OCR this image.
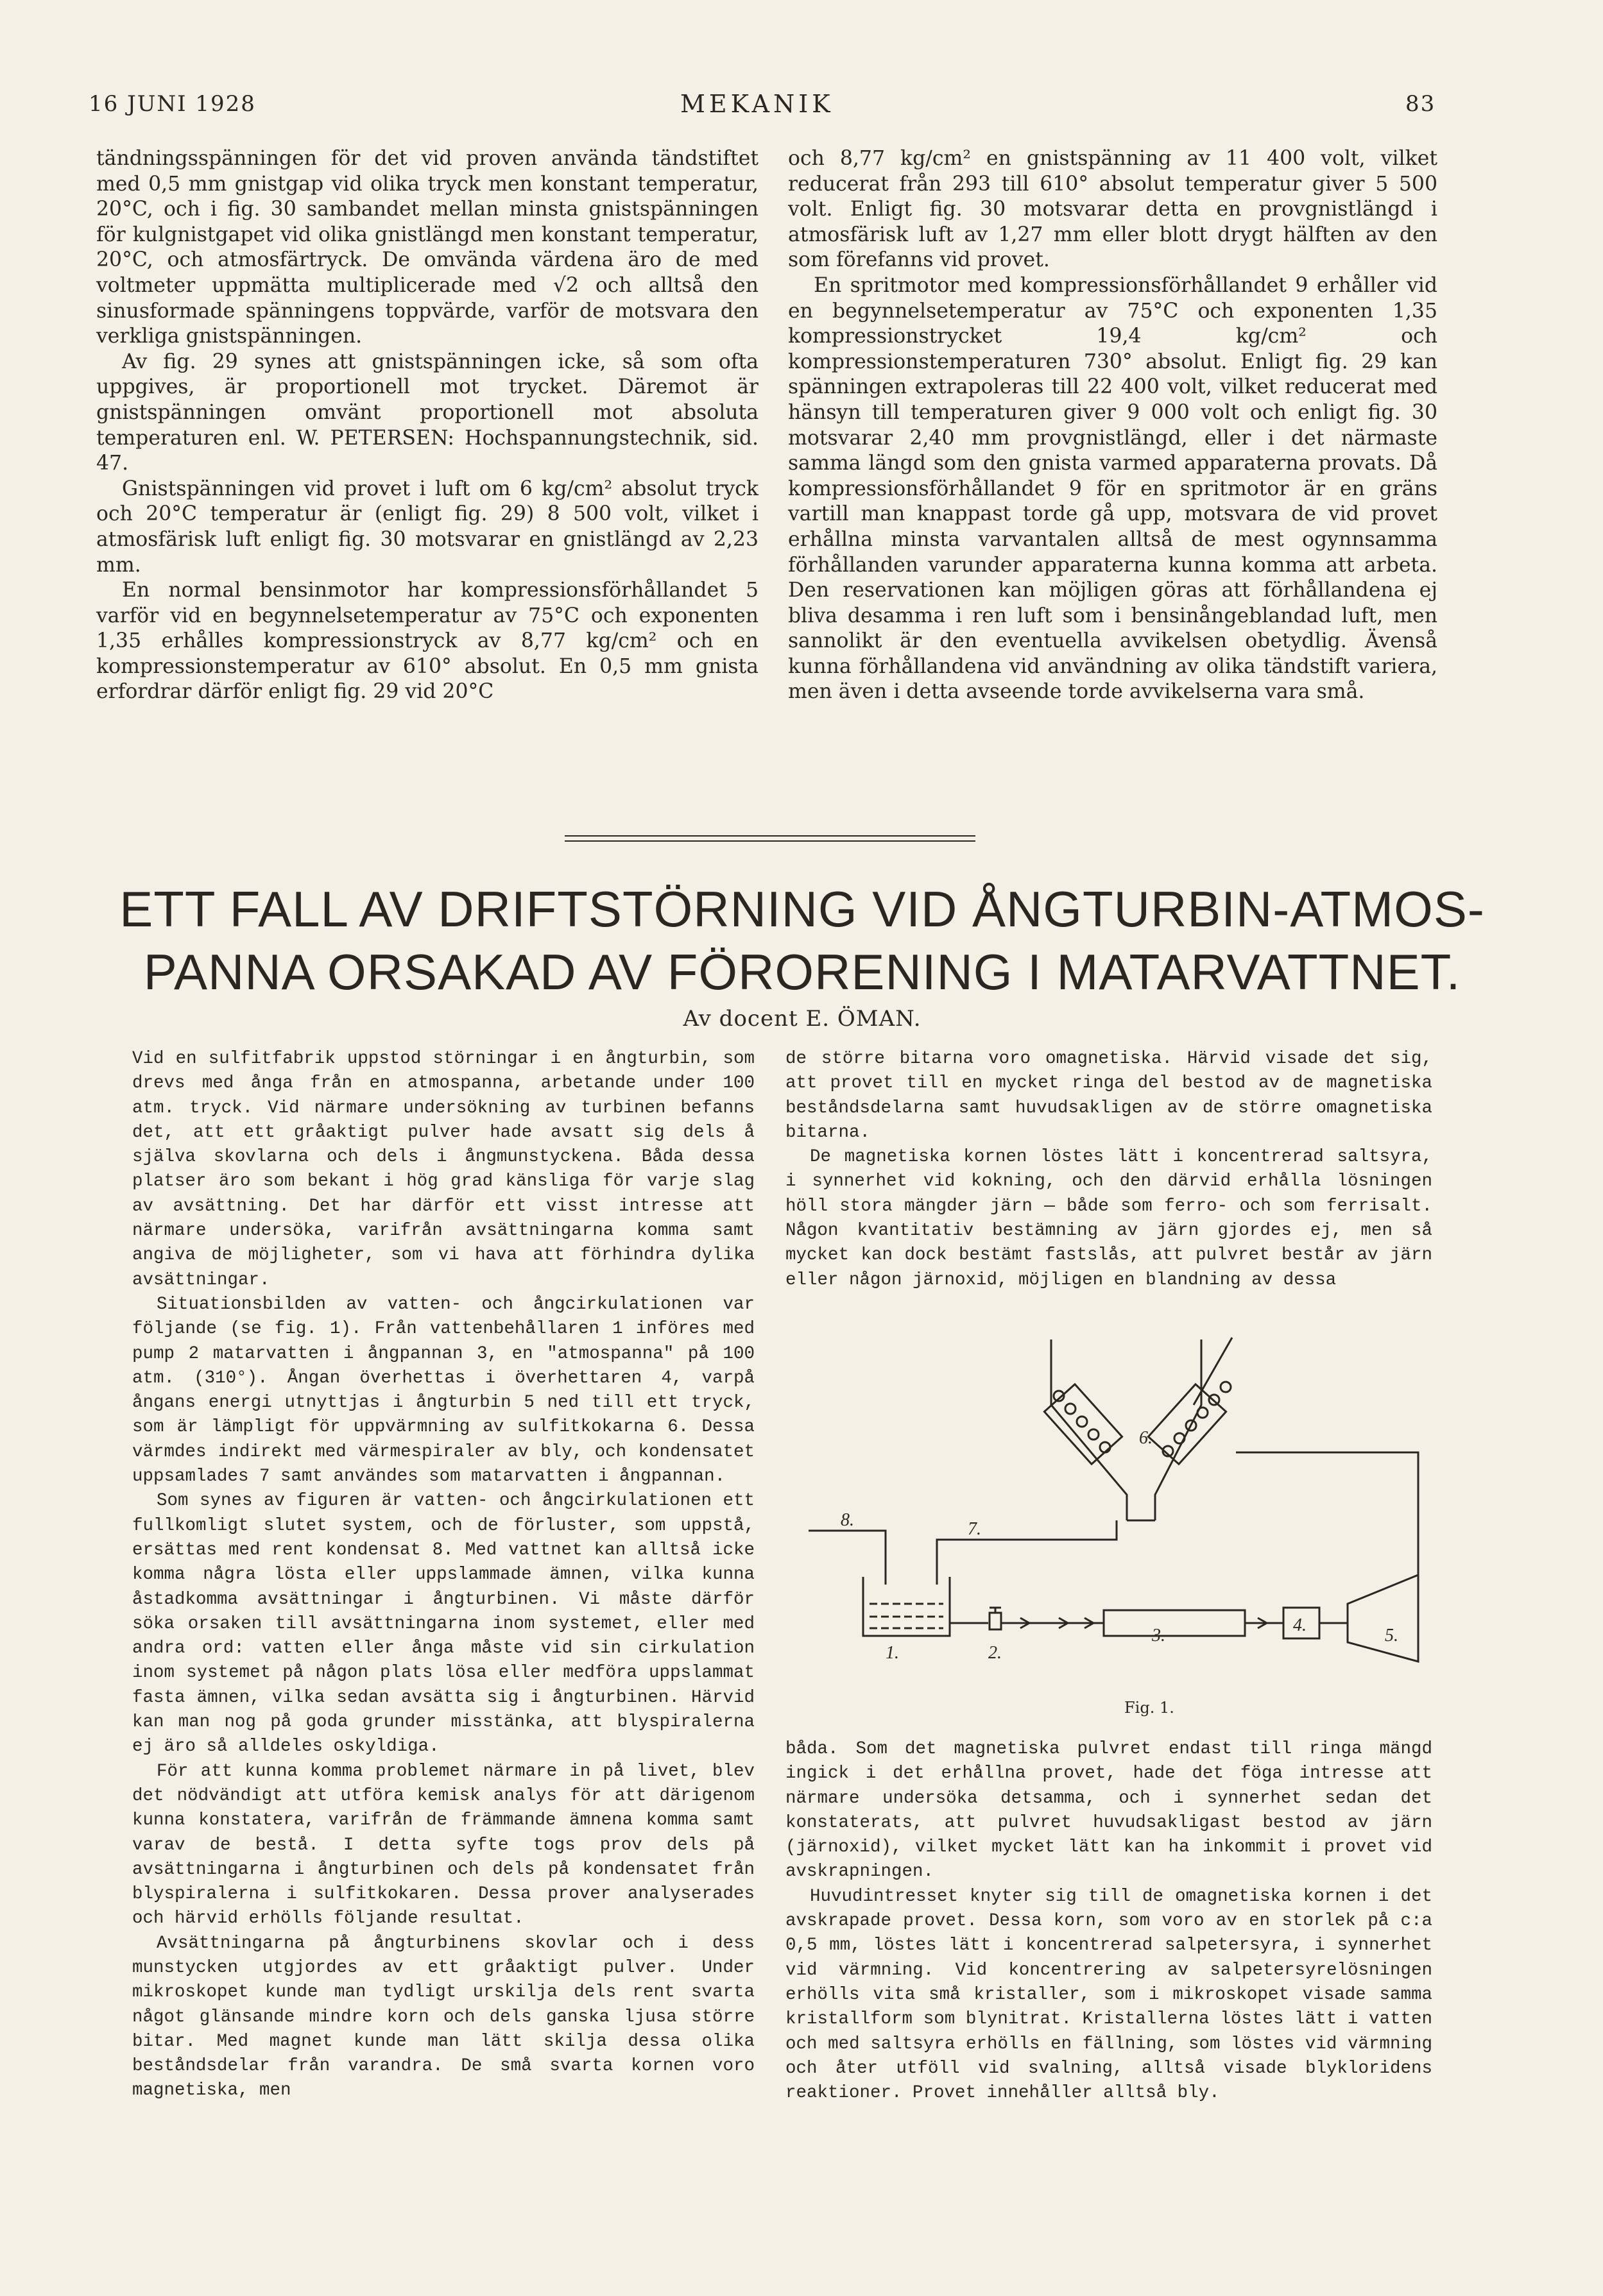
16 JUNI 1928	MEKANIK	83

tändningsspänningen för det vid proven använda tändstiftet med 0,5 mm gnistgap vid olika tryck men konstant temperatur, 20°C, och i fig. 30 sambandet mellan minsta gnistspänningen för kulgnistgapet vid olika gnistlängd men konstant temperatur, 20°C, och atmosfärtryck. De omvända värdena äro de med voltmeter uppmätta multiplicerade med √2 och alltså den sinusformade spänningens toppvärde, varför de motsvara den verkliga gnistspänningen.

Av fig. 29 synes att gnistspänningen icke, så som ofta uppgives, är proportionell mot trycket. Däremot är gnistspänningen omvänt proportionell mot absoluta temperaturen enl. W. PETERSEN: Hochspannungstechnik, sid. 47.

Gnistspänningen vid provet i luft om 6 kg/cm² absolut tryck och 20°C temperatur är (enligt fig. 29) 8 500 volt, vilket i atmosfärisk luft enligt fig. 30 motsvarar en gnistlängd av 2,23 mm.

En normal bensinmotor har kompressionsförhållandet 5 varför vid en begynnelsetemperatur av 75°C och exponenten 1,35 erhålles kompressionstryck av 8,77 kg/cm² och en kompressionstemperatur av 610° absolut. En 0,5 mm gnista erfordrar därför enligt fig. 29 vid 20°C

och 8,77 kg/cm² en gnistspänning av 11 400 volt, vilket reducerat från 293 till 610° absolut temperatur giver 5 500 volt. Enligt fig. 30 motsvarar detta en provgnistlängd i atmosfärisk luft av 1,27 mm eller blott drygt hälften av den som förefanns vid provet.

En spritmotor med kompressionsförhållandet 9 erhåller vid en begynnelsetemperatur av 75°C och exponenten 1,35 kompressionstrycket 19,4 kg/cm² och kompressionstemperaturen 730° absolut. Enligt fig. 29 kan spänningen extrapoleras till 22 400 volt, vilket reducerat med hänsyn till temperaturen giver 9 000 volt och enligt fig. 30 motsvarar 2,40 mm provgnistlängd, eller i det närmaste samma längd som den gnista varmed apparaterna provats. Då kompressionsförhållandet 9 för en spritmotor är en gräns vartill man knappast torde gå upp, motsvara de vid provet erhållna minsta varvantalen alltså de mest ogynnsamma förhållanden varunder apparaterna kunna komma att arbeta. Den reservationen kan möjligen göras att förhållandena ej bliva desamma i ren luft som i bensinångeblandad luft, men sannolikt är den eventuella avvikelsen obetydlig. Ävenså kunna förhållandena vid användning av olika tändstift variera, men även i detta avseende torde avvikelserna vara små.

ETT FALL AV DRIFTSTÖRNING VID ÅNGTURBIN-ATMOS-
PANNA ORSAKAD AV FÖRORENING I MATARVATTNET.
Av docent E. ÖMAN.

Vid en sulfitfabrik uppstod störningar i en ångturbin, som drevs med ånga från en atmospanna, arbetande under 100 atm. tryck. Vid närmare undersökning av turbinen befanns det, att ett gråaktigt pulver hade avsatt sig dels å själva skovlarna och dels i ångmunstyckena. Båda dessa platser äro som bekant i hög grad känsliga för varje slag av avsättning. Det har därför ett visst intresse att närmare undersöka, varifrån avsättningarna komma samt angiva de möjligheter, som vi hava att förhindra dylika avsättningar.

Situationsbilden av vatten- och ångcirkulationen var följande (se fig. 1). Från vattenbehållaren 1 införes med pump 2 matarvatten i ångpannan 3, en "atmospanna" på 100 atm. (310°). Ångan överhettas i överhettaren 4, varpå ångans energi utnyttjas i ångturbin 5 ned till ett tryck, som är lämpligt för uppvärmning av sulfitkokarna 6. Dessa värmdes indirekt med värmespiraler av bly, och kondensatet uppsamlades 7 samt användes som matarvatten i ångpannan.

Som synes av figuren är vatten- och ångcirkulationen ett fullkomligt slutet system, och de förluster, som uppstå, ersättas med rent kondensat 8. Med vattnet kan alltså icke komma några lösta eller uppslammade ämnen, vilka kunna åstadkomma avsättningar i ångturbinen. Vi måste därför söka orsaken till avsättningarna inom systemet, eller med andra ord: vatten eller ånga måste vid sin cirkulation inom systemet på någon plats lösa eller medföra uppslammat fasta ämnen, vilka sedan avsätta sig i ångturbinen. Härvid kan man nog på goda grunder misstänka, att blyspiralerna ej äro så alldeles oskyldiga.

För att kunna komma problemet närmare in på livet, blev det nödvändigt att utföra kemisk analys för att därigenom kunna konstatera, varifrån de främmande ämnena komma samt varav de bestå. I detta syfte togs prov dels på avsättningarna i ångturbinen och dels på kondensatet från blyspiralerna i sulfitkokaren. Dessa prover analyserades och härvid erhölls följande resultat.

Avsättningarna på ångturbinens skovlar och i dess munstycken utgjordes av ett gråaktigt pulver. Under mikroskopet kunde man tydligt urskilja dels rent svarta något glänsande mindre korn och dels ganska ljusa större bitar. Med magnet kunde man lätt skilja dessa olika beståndsdelar från varandra. De små svarta kornen voro magnetiska, men

de större bitarna voro omagnetiska. Härvid visade det sig, att provet till en mycket ringa del bestod av de magnetiska beståndsdelarna samt huvudsakligen av de större omagnetiska bitarna.

De magnetiska kornen löstes lätt i koncentrerad saltsyra, i synnerhet vid kokning, och den därvid erhålla lösningen höll stora mängder järn — både som ferro- och som ferrisalt. Någon kvantitativ bestämning av järn gjordes ej, men så mycket kan dock bestämt fastslås, att pulvret består av järn eller någon järnoxid, möjligen en blandning av dessa

1.	2.
3.
4.
5.
6.
7.
8.
Fig. 1.

båda. Som det magnetiska pulvret endast till ringa mängd ingick i det erhållna provet, hade det föga intresse att närmare undersöka detsamma, och i synnerhet sedan det konstaterats, att pulvret huvudsakligast bestod av järn (järnoxid), vilket mycket lätt kan ha inkommit i provet vid avskrapningen.

Huvudintresset knyter sig till de omagnetiska kornen i det avskrapade provet. Dessa korn, som voro av en storlek på c:a 0,5 mm, löstes lätt i koncentrerad salpetersyra, i synnerhet vid värmning. Vid koncentrering av salpetersyrelösningen erhölls vita små kristaller, som i mikroskopet visade samma kristallform som blynitrat. Kristallerna löstes lätt i vatten och med saltsyra erhölls en fällning, som löstes vid värmning och åter utföll vid svalning, alltså visade blykloridens reaktioner. Provet innehåller alltså bly.
